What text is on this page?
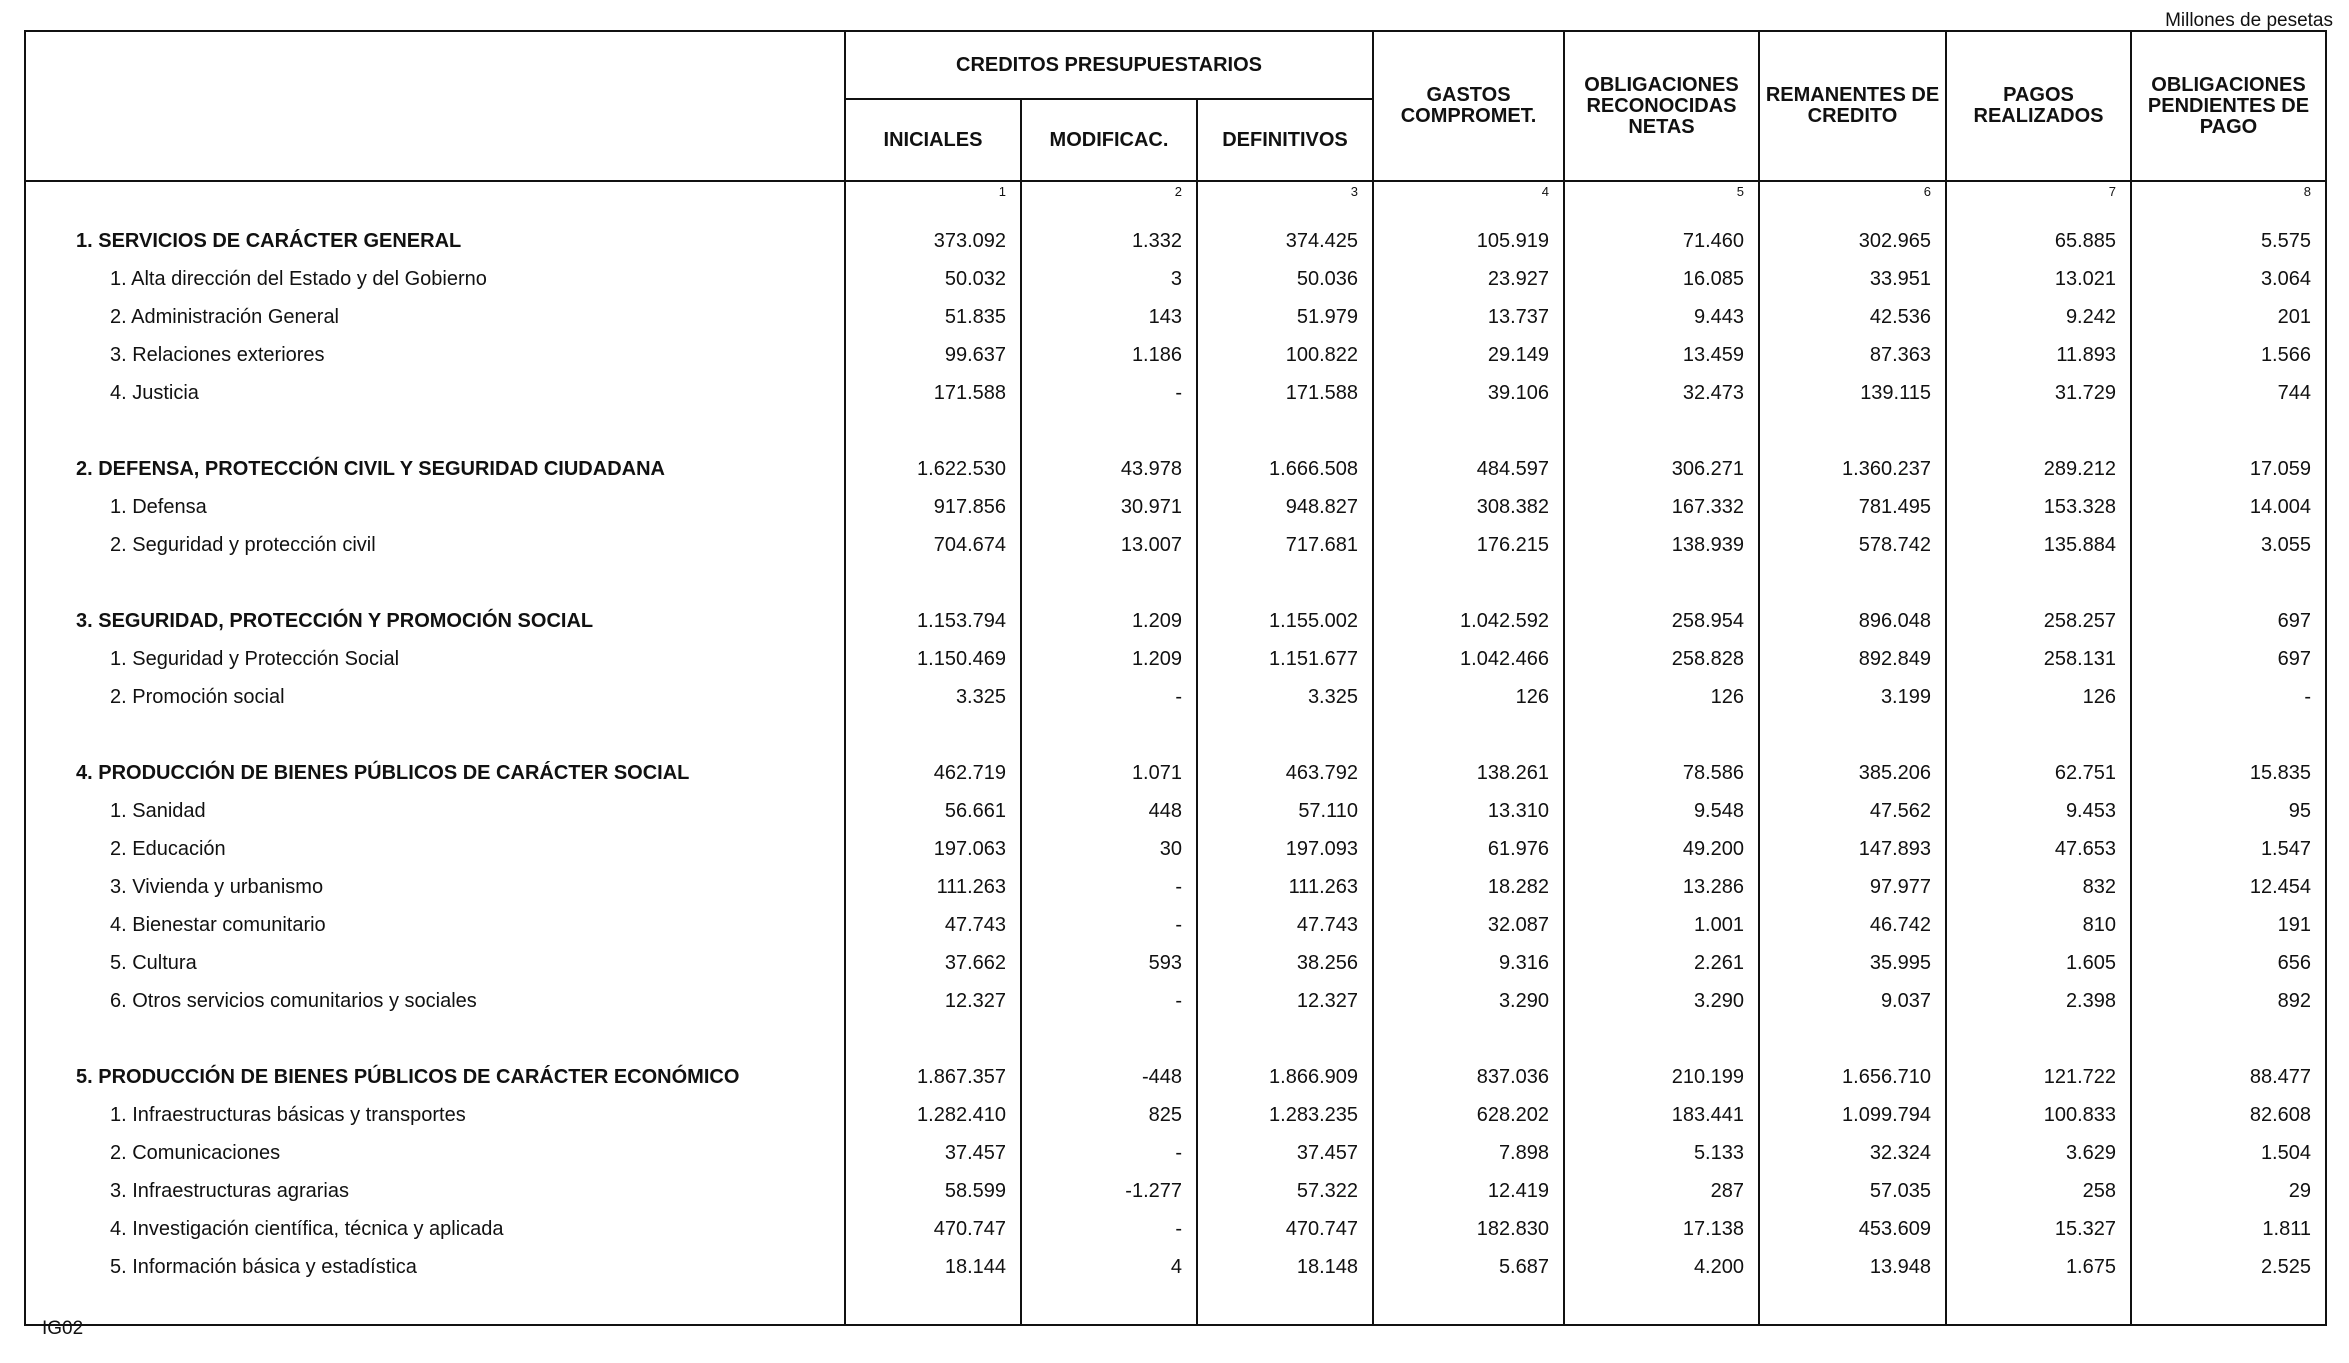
Millones de pesetas
	CREDITOS PRESUPUESTARIOS			GASTOS COMPROMET.	OBLIGACIONES RECONOCIDAS NETAS	REMANENTES DE CREDITO	PAGOS REALIZADOS	OBLIGACIONES PENDIENTES DE PAGO
	INICIALES	MODIFICAC.	DEFINITIVOS					
	1	2	3	4	5	6	7	8
1. SERVICIOS DE CARÁCTER GENERAL	373.092	1.332	374.425	105.919	71.460	302.965	65.885	5.575
1. Alta dirección del Estado y del Gobierno	50.032	3	50.036	23.927	16.085	33.951	13.021	3.064
2. Administración General	51.835	143	51.979	13.737	9.443	42.536	9.242	201
3. Relaciones exteriores	99.637	1.186	100.822	29.149	13.459	87.363	11.893	1.566
4. Justicia	171.588	-	171.588	39.106	32.473	139.115	31.729	744

2. DEFENSA, PROTECCIÓN CIVIL Y SEGURIDAD CIUDADANA	1.622.530	43.978	1.666.508	484.597	306.271	1.360.237	289.212	17.059
1. Defensa	917.856	30.971	948.827	308.382	167.332	781.495	153.328	14.004
2. Seguridad y protección civil	704.674	13.007	717.681	176.215	138.939	578.742	135.884	3.055

3. SEGURIDAD, PROTECCIÓN Y PROMOCIÓN SOCIAL	1.153.794	1.209	1.155.002	1.042.592	258.954	896.048	258.257	697
1. Seguridad y Protección Social	1.150.469	1.209	1.151.677	1.042.466	258.828	892.849	258.131	697
2. Promoción social	3.325	-	3.325	126	126	3.199	126	-

4. PRODUCCIÓN DE BIENES PÚBLICOS DE CARÁCTER SOCIAL	462.719	1.071	463.792	138.261	78.586	385.206	62.751	15.835
1. Sanidad	56.661	448	57.110	13.310	9.548	47.562	9.453	95
2. Educación	197.063	30	197.093	61.976	49.200	147.893	47.653	1.547
3. Vivienda y urbanismo	111.263	-	111.263	18.282	13.286	97.977	832	12.454
4. Bienestar comunitario	47.743	-	47.743	32.087	1.001	46.742	810	191
5. Cultura	37.662	593	38.256	9.316	2.261	35.995	1.605	656
6. Otros servicios comunitarios y sociales	12.327	-	12.327	3.290	3.290	9.037	2.398	892

5. PRODUCCIÓN DE BIENES PÚBLICOS DE CARÁCTER ECONÓMICO	1.867.357	-448	1.866.909	837.036	210.199	1.656.710	121.722	88.477
1. Infraestructuras básicas y transportes	1.282.410	825	1.283.235	628.202	183.441	1.099.794	100.833	82.608
2. Comunicaciones	37.457	-	37.457	7.898	5.133	32.324	3.629	1.504
3. Infraestructuras agrarias	58.599	-1.277	57.322	12.419	287	57.035	258	29
4. Investigación científica, técnica y aplicada	470.747	-	470.747	182.830	17.138	453.609	15.327	1.811
5. Información básica y estadística	18.144	4	18.148	5.687	4.200	13.948	1.675	2.525

IG02
